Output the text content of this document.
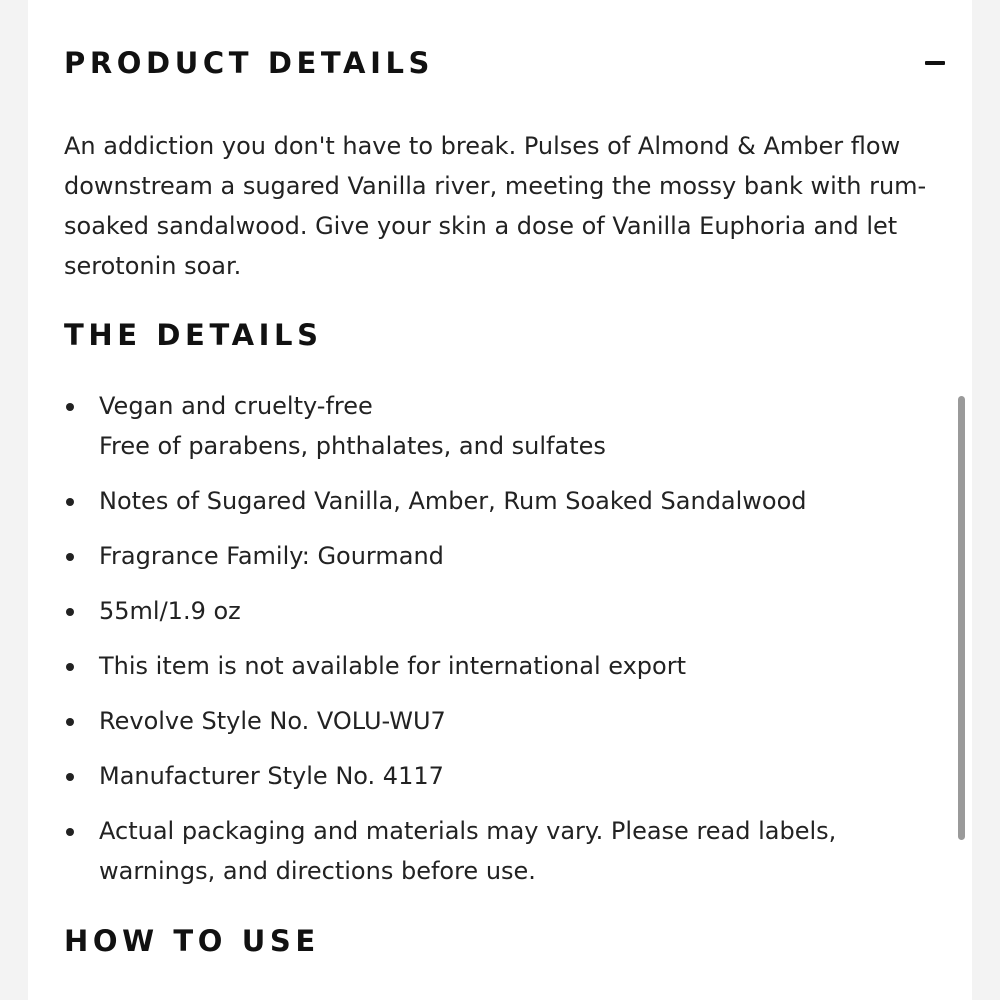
PRODUCT DETAILS

An addiction you don't have to break. Pulses of Almond & Amber flow downstream a sugared Vanilla river, meeting the mossy bank with rum-soaked sandalwood. Give your skin a dose of Vanilla Euphoria and let serotonin soar.

THE DETAILS
Vegan and cruelty-free
Free of parabens, phthalates, and sulfates
Notes of Sugared Vanilla, Amber, Rum Soaked Sandalwood
Fragrance Family: Gourmand
55ml/1.9 oz
This item is not available for international export
Revolve Style No. VOLU-WU7
Manufacturer Style No. 4117
Actual packaging and materials may vary. Please read labels, warnings, and directions before use.
HOW TO USE
